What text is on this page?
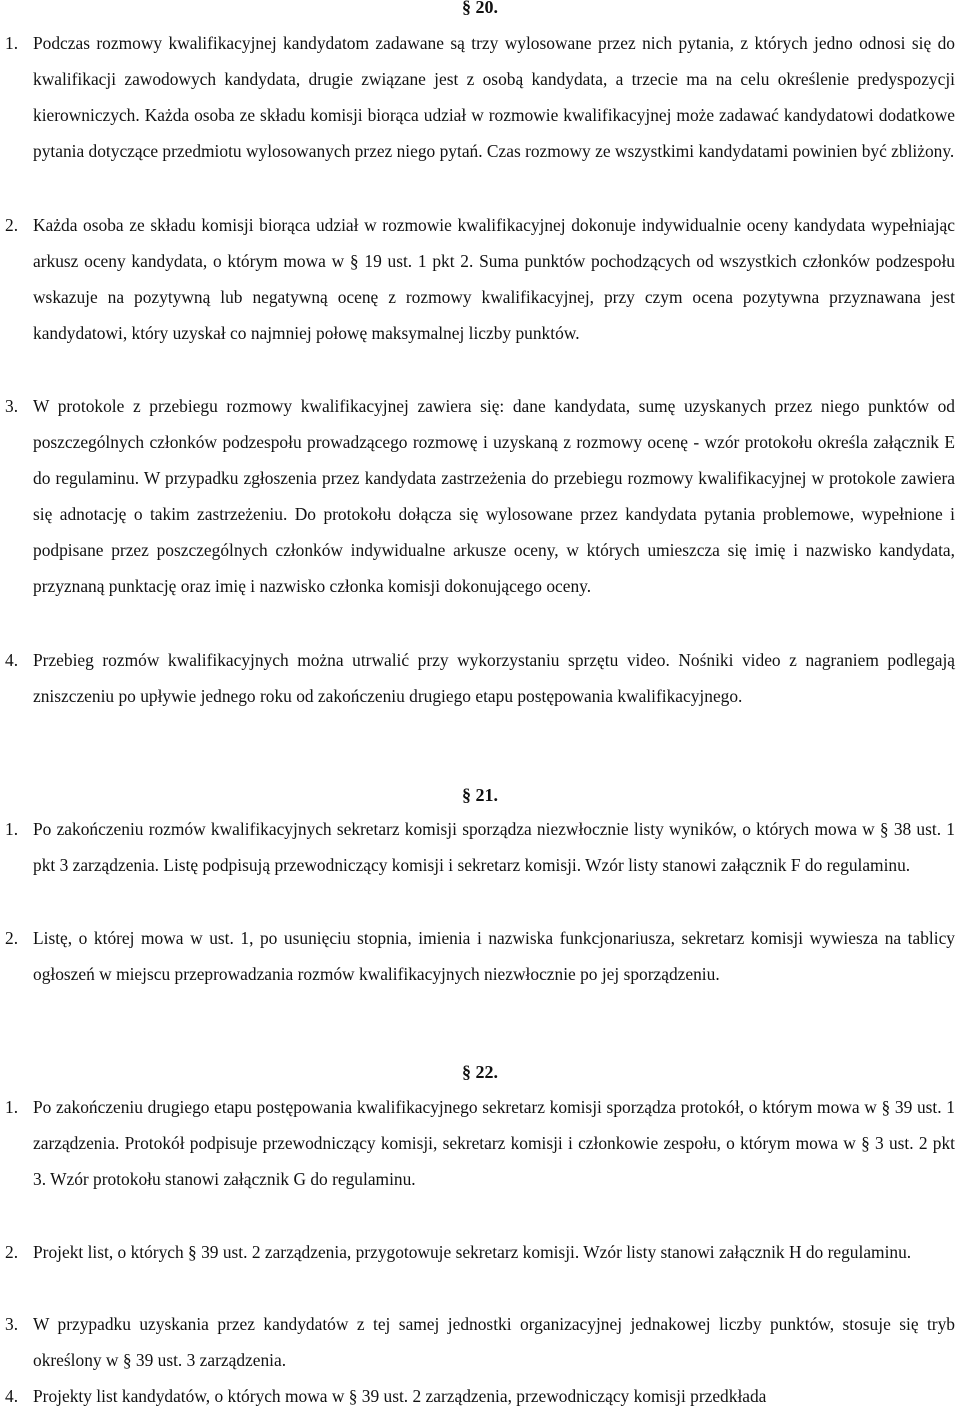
§ 20.
1. Podczas rozmowy kwalifikacyjnej kandydatom zadawane są trzy wylosowane przez nich pytania, z których jedno odnosi się do kwalifikacji zawodowych kandydata, drugie związane jest z osobą kandydata, a trzecie ma na celu określenie predyspozycji kierowniczych. Każda osoba ze składu komisji biorąca udział w rozmowie kwalifikacyjnej może zadawać kandydatowi dodatkowe pytania dotyczące przedmiotu wylosowanych przez niego pytań. Czas rozmowy ze wszystkimi kandydatami powinien być zbliżony.
2. Każda osoba ze składu komisji biorąca udział w rozmowie kwalifikacyjnej dokonuje indywidualnie oceny kandydata wypełniając arkusz oceny kandydata, o którym mowa w § 19 ust. 1 pkt 2. Suma punktów pochodzących od wszystkich członków podzespołu wskazuje na pozytywną lub negatywną ocenę z rozmowy kwalifikacyjnej, przy czym ocena pozytywna przyznawana jest kandydatowi, który uzyskał co najmniej połowę maksymalnej liczby punktów.
3. W protokole z przebiegu rozmowy kwalifikacyjnej zawiera się: dane kandydata, sumę uzyskanych przez niego punktów od poszczególnych członków podzespołu prowadzącego rozmowę i uzyskaną z rozmowy ocenę - wzór protokołu określa załącznik E do regulaminu. W przypadku zgłoszenia przez kandydata zastrzeżenia do przebiegu rozmowy kwalifikacyjnej w protokole zawiera się adnotację o takim zastrzeżeniu. Do protokołu dołącza się wylosowane przez kandydata pytania problemowe, wypełnione i podpisane przez poszczególnych członków indywidualne arkusze oceny, w których umieszcza się imię i nazwisko kandydata, przyznaną punktację oraz imię i nazwisko członka komisji dokonującego oceny.
4. Przebieg rozmów kwalifikacyjnych można utrwalić przy wykorzystaniu sprzętu video. Nośniki video z nagraniem podlegają zniszczeniu po upływie jednego roku od zakończeniu drugiego etapu postępowania kwalifikacyjnego.
§ 21.
1. Po zakończeniu rozmów kwalifikacyjnych sekretarz komisji sporządza niezwłocznie listy wyników, o których mowa w § 38 ust. 1 pkt 3 zarządzenia. Listę podpisują przewodniczący komisji i sekretarz komisji. Wzór listy stanowi załącznik F do regulaminu.
2. Listę, o której mowa w ust. 1, po usunięciu stopnia, imienia i nazwiska funkcjonariusza, sekretarz komisji wywiesza na tablicy ogłoszeń w miejscu przeprowadzania rozmów kwalifikacyjnych niezwłocznie po jej sporządzeniu.
§ 22.
1. Po zakończeniu drugiego etapu postępowania kwalifikacyjnego sekretarz komisji sporządza protokół, o którym mowa w § 39 ust. 1 zarządzenia. Protokół podpisuje przewodniczący komisji, sekretarz komisji i członkowie zespołu, o którym mowa w § 3 ust. 2 pkt 3. Wzór protokołu stanowi załącznik G do regulaminu.
2. Projekt list, o których § 39 ust. 2 zarządzenia, przygotowuje sekretarz komisji. Wzór listy stanowi załącznik H do regulaminu.
3. W przypadku uzyskania przez kandydatów z tej samej jednostki organizacyjnej jednakowej liczby punktów, stosuje się tryb określony w § 39 ust. 3 zarządzenia.
4. Projekty list kandydatów, o których mowa w § 39 ust. 2 zarządzenia, przewodniczący komisji przedkłada
